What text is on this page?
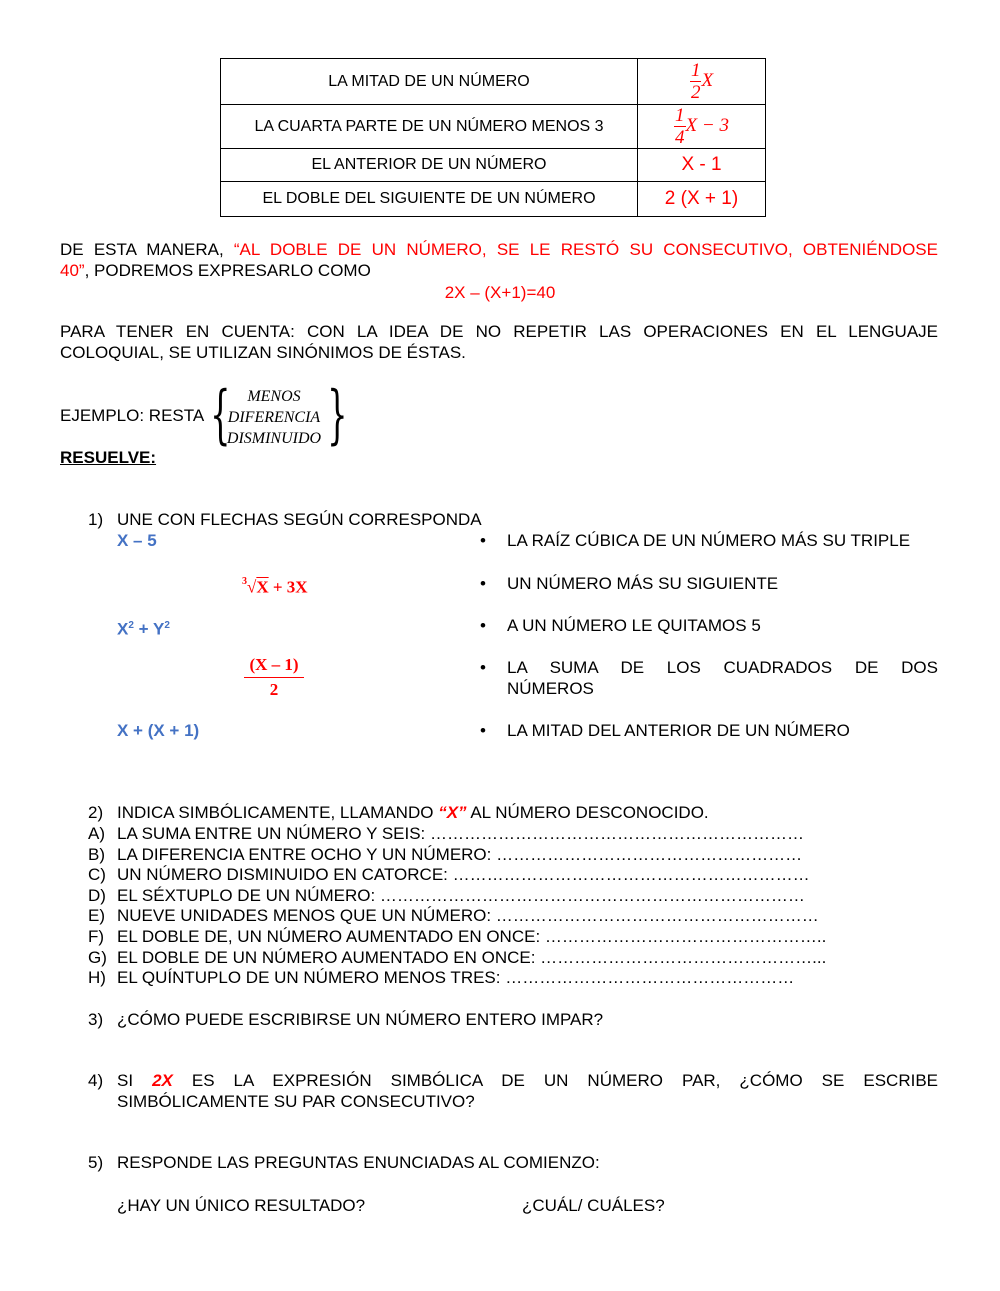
LA MITAD DE UN NÚMERO	$\frac{1}{2}$ X
LA CUARTA PARTE DE UN NÚMERO MENOS 3	$\frac{1}{4}$ X − 3
EL ANTERIOR DE UN NÚMERO	X - 1
EL DOBLE DEL SIGUIENTE DE UN NÚMERO	2 (X + 1)
DE ESTA MANERA, “AL DOBLE DE UN NÚMERO, SE LE RESTÓ SU CONSECUTIVO, OBTENIÉNDOSE
40”, PODREMOS EXPRESARLO COMO
2X – (X+1)=40
PARA TENER EN CUENTA: CON LA IDEA DE NO REPETIR LAS OPERACIONES EN EL LENGUAJE
COLOQUIAL, SE UTILIZAN SINÓNIMOS DE ÉSTAS.
EJEMPLO: RESTA {	MENOS
DIFERENCIA
DISMINUIDO }
RESUELVE:
1) UNE CON FLECHAS SEGÚN CORRESPONDA
X – 5
$^3$√X + 3X
$X^2 + Y^2$
(X – 1)
2
X + (X + 1)
• LA RAÍZ CÚBICA DE UN NÚMERO MÁS SU TRIPLE
• UN NÚMERO MÁS SU SIGUIENTE
• A UN NÚMERO LE QUITAMOS 5
• LA SUMA DE LOS CUADRADOS DE DOS
NÚMEROS
• LA MITAD DEL ANTERIOR DE UN NÚMERO
2) INDICA SIMBÓLICAMENTE, LLAMANDO “X” AL NÚMERO DESCONOCIDO.
A) LA SUMA ENTRE UN NÚMERO Y SEIS: …………………………………………………………
B) LA DIFERENCIA ENTRE OCHO Y UN NÚMERO: ………………………………………………
C) UN NÚMERO DISMINUIDO EN CATORCE: ………………………………………………………
D) EL SÉXTUPLO DE UN NÚMERO: …………………………………………………………………
E) NUEVE UNIDADES MENOS QUE UN NÚMERO: …………………………………………………
F) EL DOBLE DE, UN NÚMERO AUMENTADO EN ONCE: …………………………………………..
G) EL DOBLE DE UN NÚMERO AUMENTADO EN ONCE: …………………………………………...
H) EL QUÍNTUPLO DE UN NÚMERO MENOS TRES: ……………………………………………
3) ¿CÓMO PUEDE ESCRIBIRSE UN NÚMERO ENTERO IMPAR?
4) SI 2X ES LA EXPRESIÓN SIMBÓLICA DE UN NÚMERO PAR, ¿CÓMO SE ESCRIBE
SIMBÓLICAMENTE SU PAR CONSECUTIVO?
5) RESPONDE LAS PREGUNTAS ENUNCIADAS AL COMIENZO:
¿HAY UN ÚNICO RESULTADO?	¿CUÁL/ CUÁLES?
